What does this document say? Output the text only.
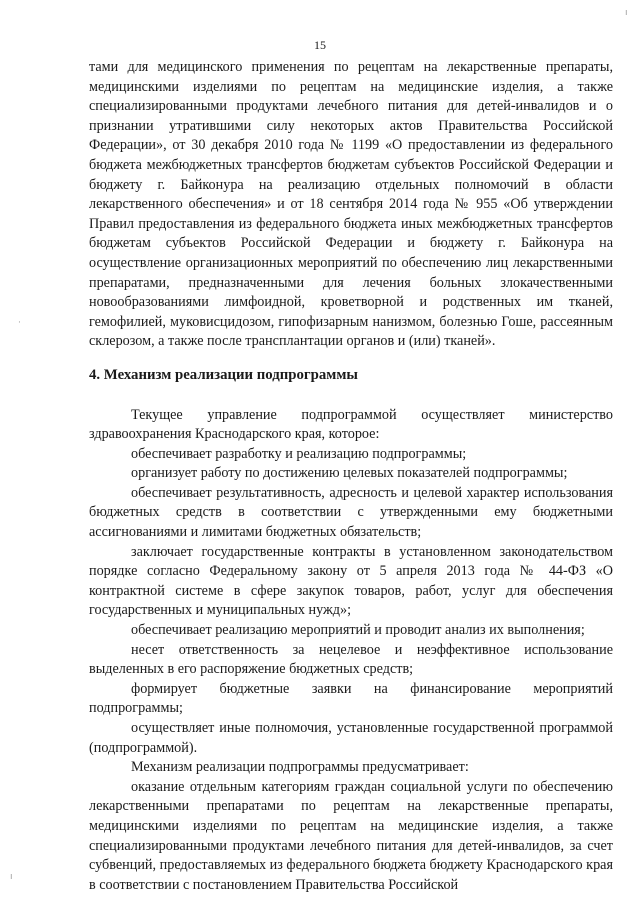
15
ı
·
ı

тами для медицинского применения по рецептам на лекарственные препараты, медицинскими изделиями по рецептам на медицинские изделия, а также специализированными продуктами лечебного питания для детей-инвалидов и о признании утратившими силу некоторых актов Правительства Российской Федерации», от 30 декабря 2010 года № 1199 «О предоставлении из федерального бюджета межбюджетных трансфертов бюджетам субъектов Российской Федерации и бюджету г. Байконура на реализацию отдельных полномочий в области лекарственного обеспечения» и от 18 сентября 2014 года № 955 «Об утверждении Правил предоставления из федерального бюджета иных межбюджетных трансфертов бюджетам субъектов Российской Федерации и бюджету г. Байконура на осуществление организационных мероприятий по обеспечению лиц лекарственными препаратами, предназначенными для лечения больных злокачественными новообразованиями лимфоидной, кроветворной и родственных им тканей, гемофилией, муковисцидозом, гипофизарным нанизмом, болезнью Гоше, рассеянным склерозом, а также после трансплантации органов и (или) тканей».

4. Механизм реализации подпрограммы

Текущее управление подпрограммой осуществляет министерство здравоохранения Краснодарского края, которое:

обеспечивает разработку и реализацию подпрограммы;

организует работу по достижению целевых показателей подпрограммы;

обеспечивает результативность, адресность и целевой характер использования бюджетных средств в соответствии с утвержденными ему бюджетными ассигнованиями и лимитами бюджетных обязательств;

заключает государственные контракты в установленном законодательством порядке согласно Федеральному закону от 5 апреля 2013 года № 44-ФЗ «О контрактной системе в сфере закупок товаров, работ, услуг для обеспечения государственных и муниципальных нужд»;

обеспечивает реализацию мероприятий и проводит анализ их выполнения;

несет ответственность за нецелевое и неэффективное использование выделенных в его распоряжение бюджетных средств;

формирует бюджетные заявки на финансирование мероприятий подпрограммы;

осуществляет иные полномочия, установленные государственной программой (подпрограммой).

Механизм реализации подпрограммы предусматривает:

оказание отдельным категориям граждан социальной услуги по обеспечению лекарственными препаратами по рецептам на лекарственные препараты, медицинскими изделиями по рецептам на медицинские изделия, а также специализированными продуктами лечебного питания для детей-инвалидов, за счет субвенций, предоставляемых из федерального бюджета бюджету Краснодарского края в соответствии с постановлением Правительства Российской
